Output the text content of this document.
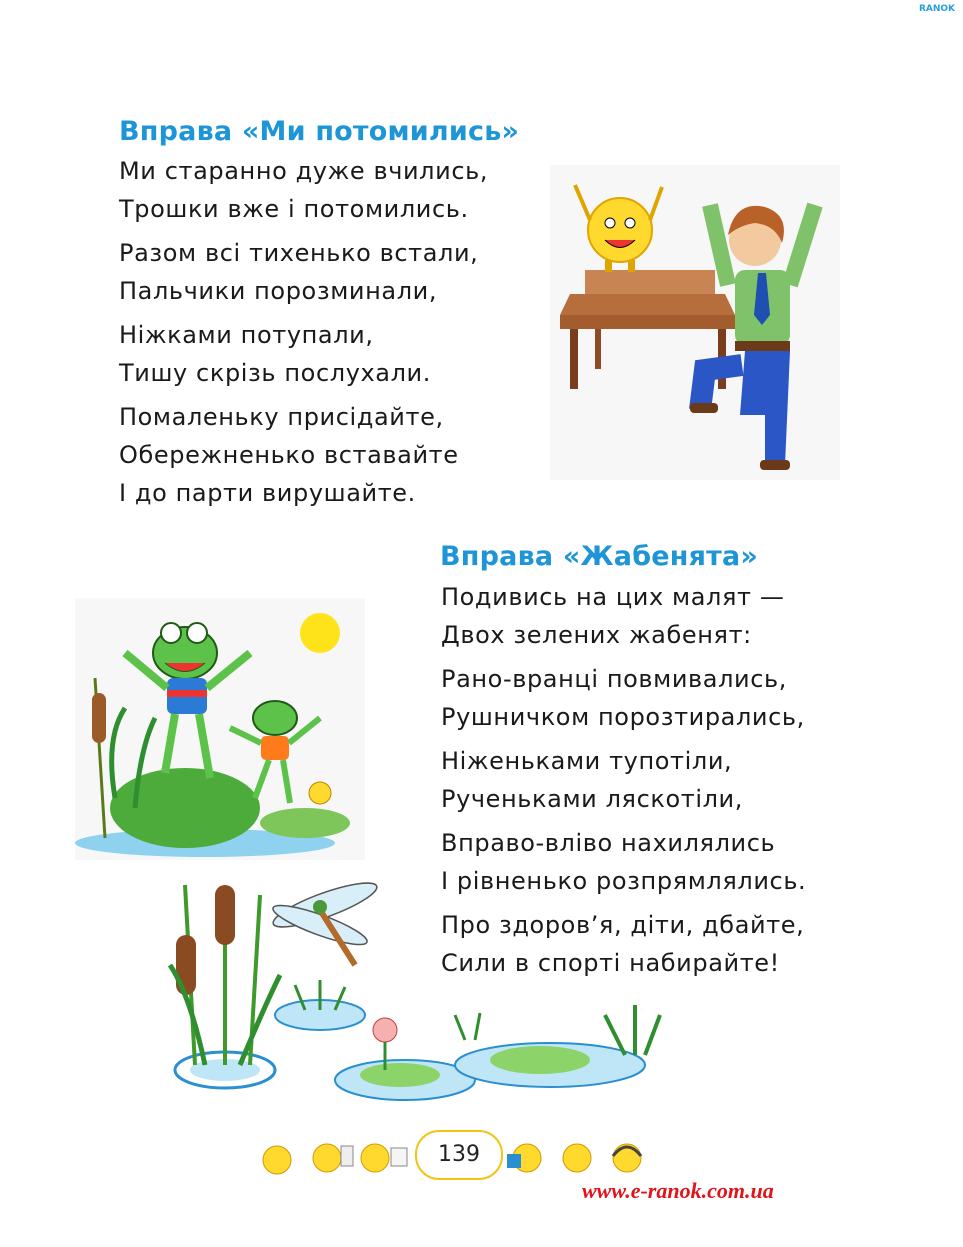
RANOK
Вправа «Ми потомились»
Ми старанно дуже вчились,
Трошки вже і потомились.
Разом всі тихенько встали,
Пальчики порозминали,
Ніжками потупали,
Тишу скрізь послухали.
Помаленьку присідайте,
Обережненько вставайте
І до парти вирушайте.
Вправа «Жабенята»
Подивись на цих малят —
Двох зелених жабенят:
Рано-вранці повмивались,
Рушничком порозтирались,
Ніженьками тупотіли,
Рученьками ляскотіли,
Вправо-вліво нахилялись
І рівненько розпрямлялись.
Про здоров’я, діти, дбайте,
Сили в спорті набирайте!
139
www.e-ranok.com.ua
